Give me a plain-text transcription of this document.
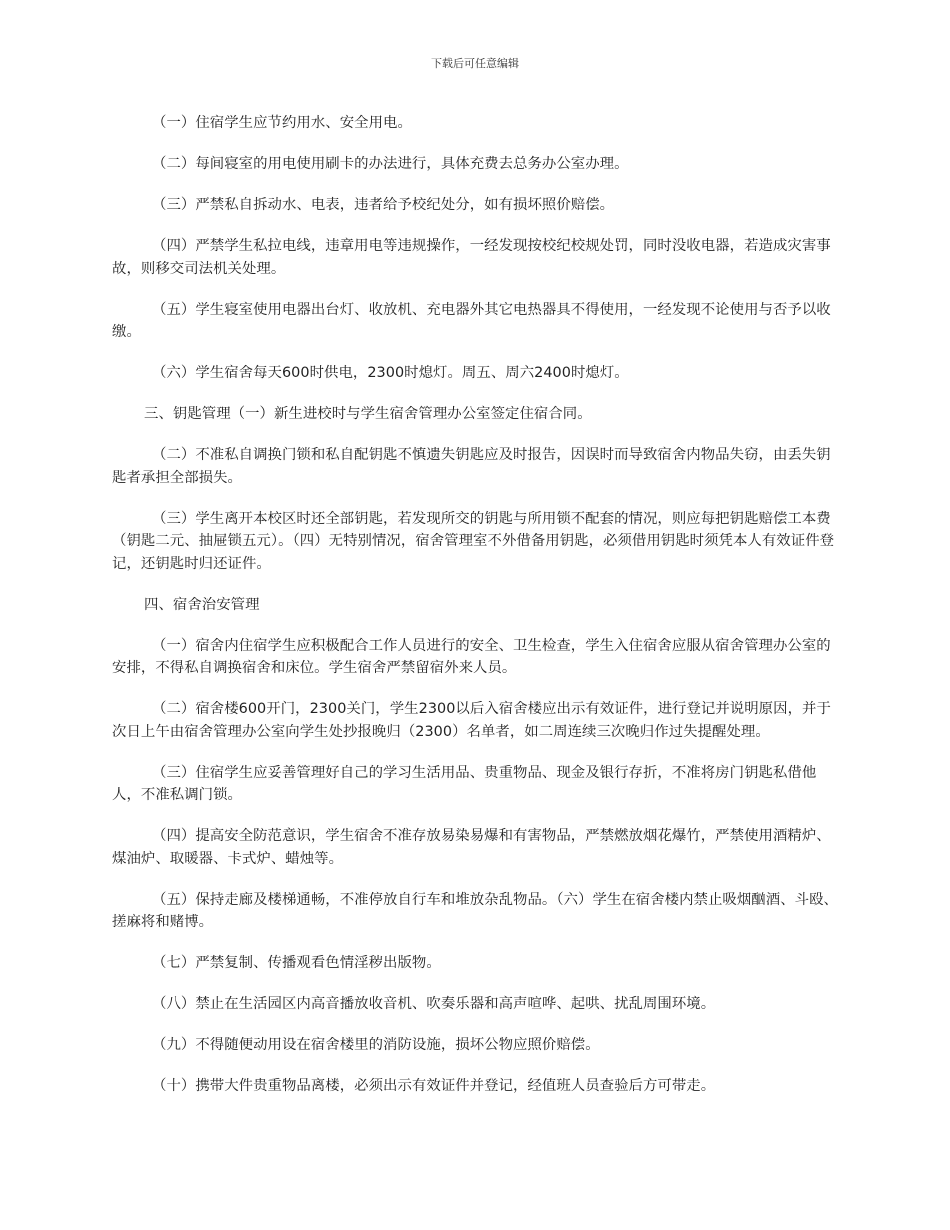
下载后可任意编辑

（一）住宿学生应节约用水、安全用电。

（二）每间寝室的用电使用刷卡的办法进行，具体充费去总务办公室办理。

（三）严禁私自拆动水、电表，违者给予校纪处分，如有损坏照价赔偿。

（四）严禁学生私拉电线，违章用电等违规操作，一经发现按校纪校规处罚，同时没收电器，若造成灾害事故，则移交司法机关处理。

（五）学生寝室使用电器出台灯、收放机、充电器外其它电热器具不得使用，一经发现不论使用与否予以收缴。

（六）学生宿舍每天600时供电，2300时熄灯。周五、周六2400时熄灯。

三、钥匙管理（一）新生进校时与学生宿舍管理办公室签定住宿合同。

（二）不准私自调换门锁和私自配钥匙不慎遗失钥匙应及时报告，因误时而导致宿舍内物品失窃，由丢失钥匙者承担全部损失。

（三）学生离开本校区时还全部钥匙，若发现所交的钥匙与所用锁不配套的情况，则应每把钥匙赔偿工本费（钥匙二元、抽屉锁五元）。（四）无特别情况，宿舍管理室不外借备用钥匙，必须借用钥匙时须凭本人有效证件登记，还钥匙时归还证件。

四、宿舍治安管理

（一）宿舍内住宿学生应积极配合工作人员进行的安全、卫生检查，学生入住宿舍应服从宿舍管理办公室的安排，不得私自调换宿舍和床位。学生宿舍严禁留宿外来人员。

（二）宿舍楼600开门，2300关门，学生2300以后入宿舍楼应出示有效证件，进行登记并说明原因，并于次日上午由宿舍管理办公室向学生处抄报晚归（2300）名单者，如二周连续三次晚归作过失提醒处理。

（三）住宿学生应妥善管理好自己的学习生活用品、贵重物品、现金及银行存折，不准将房门钥匙私借他人，不准私调门锁。

（四）提高安全防范意识，学生宿舍不准存放易染易爆和有害物品，严禁燃放烟花爆竹，严禁使用酒精炉、煤油炉、取暖器、卡式炉、蜡烛等。

（五）保持走廊及楼梯通畅，不准停放自行车和堆放杂乱物品。（六）学生在宿舍楼内禁止吸烟酗酒、斗殴、搓麻将和赌博。

（七）严禁复制、传播观看色情淫秽出版物。

（八）禁止在生活园区内高音播放收音机、吹奏乐器和高声喧哗、起哄、扰乱周围环境。

（九）不得随便动用设在宿舍楼里的消防设施，损坏公物应照价赔偿。

（十）携带大件贵重物品离楼，必须出示有效证件并登记，经值班人员查验后方可带走。
